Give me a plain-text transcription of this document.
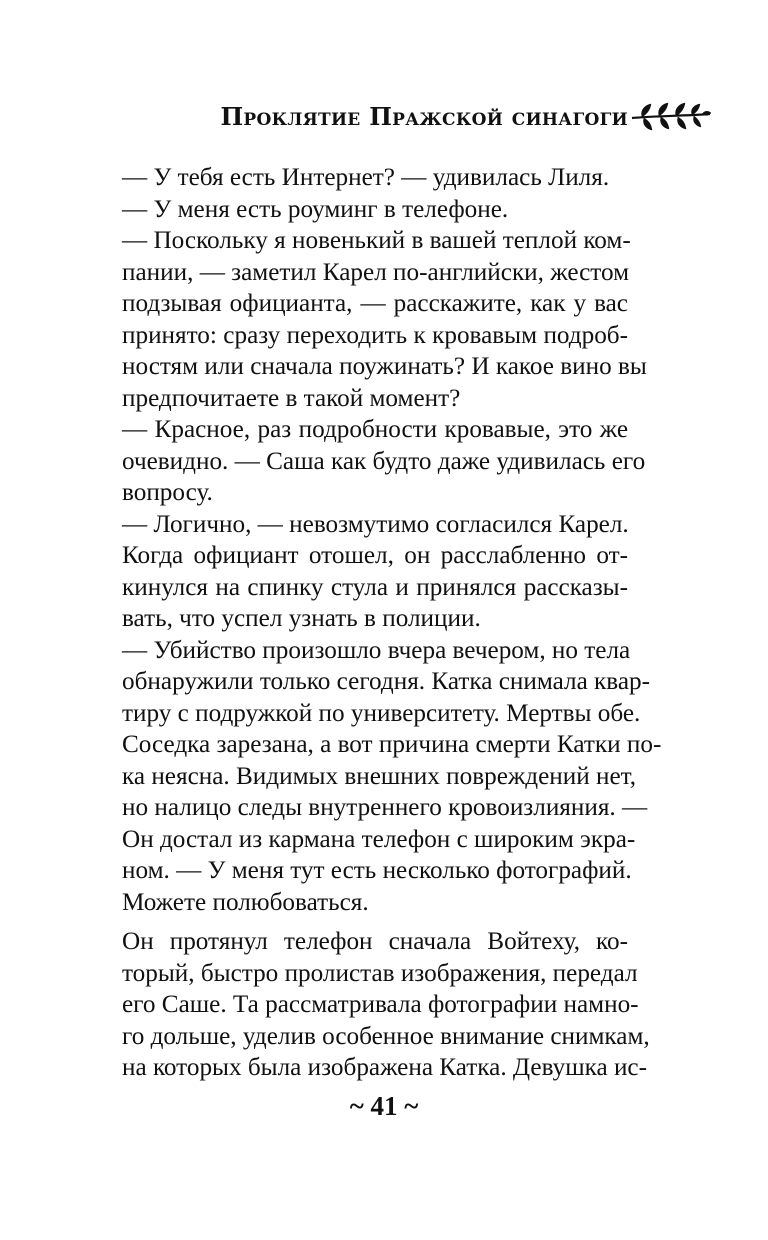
Проклятие Пражской синагоги

— У тебя есть Интернет? — удивилась Лиля.

— У меня есть роуминг в телефоне.

— Поскольку я новенький в вашей теплой ком-
пании, — заметил Карел по-английски, жестом
подзывая официанта, — расскажите, как у вас
принято: сразу переходить к кровавым подроб-
ностям или сначала поужинать? И какое вино вы
предпочитаете в такой момент?

— Красное, раз подробности кровавые, это же
очевидно. — Саша как будто даже удивилась его
вопросу.

— Логично, — невозмутимо согласился Карел.

Когда официант отошел, он расслабленно от-
кинулся на спинку стула и принялся рассказы-
вать, что успел узнать в полиции.

— Убийство произошло вчера вечером, но тела
обнаружили только сегодня. Катка снимала квар-
тиру с подружкой по университету. Мертвы обе.
Соседка зарезана, а вот причина смерти Катки по-
ка неясна. Видимых внешних повреждений нет,
но налицо следы внутреннего кровоизлияния. —
Он достал из кармана телефон с широким экра-
ном. — У меня тут есть несколько фотографий.
Можете полюбоваться.

Он протянул телефон сначала Войтеху, ко-
торый, быстро пролистав изображения, передал
его Саше. Та рассматривала фотографии намно-
го дольше, уделив особенное внимание снимкам,
на которых была изображена Катка. Девушка ис-

~ 41 ~
